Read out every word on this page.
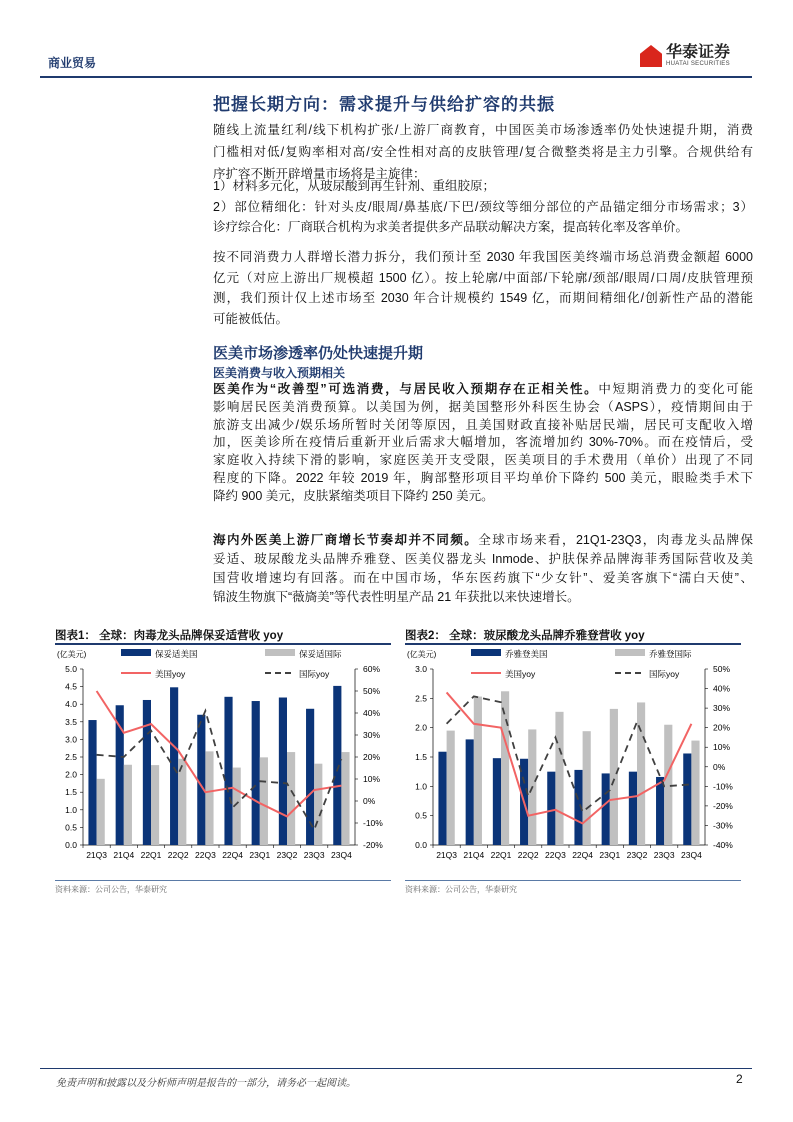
商业贸易
华泰证券
HUATAI SECURITIES
把握长期方向：需求提升与供给扩容的共振
随线上流量红利/线下机构扩张/上游厂商教育，中国医美市场渗透率仍处快速提升期，消费
门槛相对低/复购率相对高/安全性相对高的皮肤管理/复合微整类将是主力引擎。合规供给有
序扩容不断开辟增量市场将是主旋律：
1）材料多元化，从玻尿酸到再生针剂、重组胶原；
2）部位精细化：针对头皮/眼周/鼻基底/下巴/颈纹等细分部位的产品锚定细分市场需求；3）
诊疗综合化：厂商联合机构为求美者提供多产品联动解决方案，提高转化率及客单价。
按不同消费力人群增长潜力拆分，我们预计至 2030 年我国医美终端市场总消费金额超 6000
亿元（对应上游出厂规模超 1500 亿）。按上轮廓/中面部/下轮廓/颈部/眼周/口周/皮肤管理预
测，我们预计仅上述市场至 2030 年合计规模约 1549 亿，而期间精细化/创新性产品的潜能
可能被低估。
医美市场渗透率仍处快速提升期
医美消费与收入预期相关
医美作为“改善型”可选消费，与居民收入预期存在正相关性。中短期消费力的变化可能
影响居民医美消费预算。以美国为例，据美国整形外科医生协会（ASPS），疫情期间由于
旅游支出减少/娱乐场所暂时关闭等原因，且美国财政直接补贴居民端，居民可支配收入增
加，医美诊所在疫情后重新开业后需求大幅增加，客流增加约 30%-70%。而在疫情后，受
家庭收入持续下滑的影响，家庭医美开支受限，医美项目的手术费用（单价）出现了不同
程度的下降。2022 年较 2019 年，胸部整形项目平均单价下降约 500 美元，眼睑类手术下
降约 900 美元，皮肤紧缩类项目下降约 250 美元。
海内外医美上游厂商增长节奏却并不同频。全球市场来看，21Q1-23Q3，肉毒龙头品牌保
妥适、玻尿酸龙头品牌乔雅登、医美仪器龙头 Inmode、护肤保养品牌海菲秀国际营收及美
国营收增速均有回落。而在中国市场，华东医药旗下“少女针”、爱美客旗下“濡白天使”、
锦波生物旗下“薇旖美”等代表性明星产品 21 年获批以来快速增长。
图表1： 全球：肉毒龙头品牌保妥适营收 yoy
(亿美元)	保妥适美国	保妥适国际
美国yoy	国际yoy
0.0
0.5
1.0
1.5
2.0
2.5
3.0
3.5
4.0
4.5
5.0
-20%
-10%
0%
10%
20%
30%
40%
50%
60%
21Q3 21Q4 22Q1 22Q2 22Q3 22Q4 23Q1 23Q2 23Q3 23Q4
资料来源：公司公告，华泰研究
图表2： 全球：玻尿酸龙头品牌乔雅登营收 yoy
(亿美元)	乔雅登美国	乔雅登国际
美国yoy	国际yoy
0.0
0.5
1.0
1.5
2.0
2.5
3.0
-40%
-30%
-20%
-10%
0%
10%
20%
30%
40%
50%
21Q3 21Q4 22Q1 22Q2 22Q3 22Q4 23Q1 23Q2 23Q3 23Q4
资料来源：公司公告，华泰研究
免责声明和披露以及分析师声明是报告的一部分，请务必一起阅读。	2
